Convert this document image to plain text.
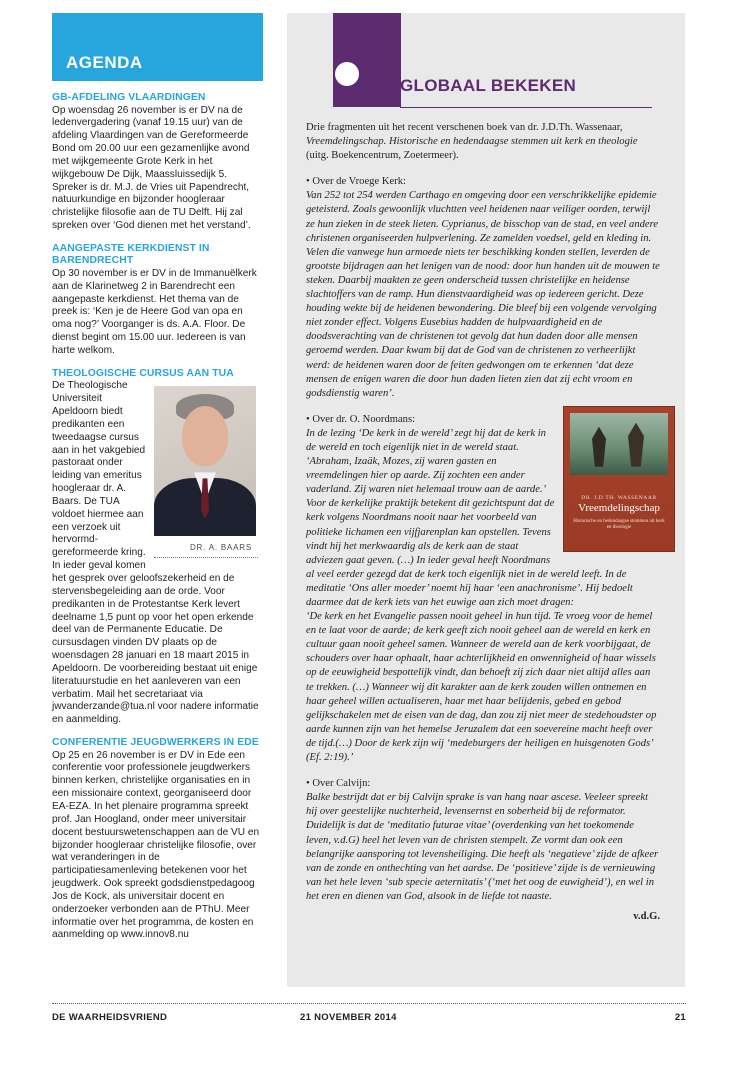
AGENDA

GB-AFDELING VLAARDINGEN

Op woensdag 26 november is er DV na de ledenvergadering (vanaf 19.15 uur) van de afdeling Vlaardingen van de Gereformeerde Bond om 20.00 uur een gezamenlijke avond met wijkgemeente Grote Kerk in het wijkgebouw De Dijk, Maassluissedijk 5. Spreker is dr. M.J. de Vries uit Papendrecht, natuurkundige en bijzonder hoogleraar christelijke filosofie aan de TU Delft. Hij zal spreken over ‘God dienen met het verstand’.

AANGEPASTE KERKDIENST IN BARENDRECHT

Op 30 november is er DV in de Immanuëlkerk aan de Klarinetweg 2 in Barendrecht een aangepaste kerkdienst. Het thema van de preek is: ‘Ken je de Heere God van opa en oma nog?’ Voorganger is ds. A.A. Floor. De dienst begint om 15.00 uur. Iedereen is van harte welkom.

THEOLOGISCHE CURSUS AAN TUA

DR. A. BAARS

De Theologische Universiteit Apeldoorn biedt predikanten een tweedaagse cursus aan in het vakgebied pastoraat onder leiding van emeritus hoogleraar dr. A. Baars. De TUA voldoet hiermee aan een verzoek uit hervormd-gereformeerde kring. In ieder geval komen het gesprek over geloofszekerheid en de stervensbegeleiding aan de orde. Voor predikanten in de Protestantse Kerk levert deelname 1,5 punt op voor het open erkende deel van de Permanente Educatie. De cursusdagen vinden DV plaats op de woensdagen 28 januari en 18 maart 2015 in Apeldoorn. De voorbereiding bestaat uit enige literatuurstudie en het aanleveren van een verbatim. Mail het secretariaat via jwvanderzande@tua.nl voor nadere informatie en aanmelding.

CONFERENTIE JEUGDWERKERS IN EDE

Op 25 en 26 november is er DV in Ede een conferentie voor professionele jeugdwerkers binnen kerken, christelijke organisaties en in een missionaire context, georganiseerd door EA-EZA. In het plenaire programma spreekt prof. Jan Hoogland, onder meer universitair docent bestuurswetenschappen aan de VU en bijzonder hoogleraar christelijke filosofie, over wat veranderingen in de participatiesamenleving betekenen voor het jeugdwerk. Ook spreekt godsdienstpedagoog Jos de Kock, als universitair docent en onderzoeker verbonden aan de PThU. Meer informatie over het programma, de kosten en aanmelding op www.innov8.nu

GLOBAAL BEKEKEN

Drie fragmenten uit het recent verschenen boek van dr. J.D.Th. Wassenaar, Vreemdelingschap. Historische en hedendaagse stemmen uit kerk en theologie (uitg. Boekencentrum, Zoetermeer).

• Over de Vroege Kerk:

Van 252 tot 254 werden Carthago en omgeving door een verschrikkelijke epidemie geteisterd. Zoals gewoonlijk vluchtten veel heidenen naar veiliger oorden, terwijl ze hun zieken in de steek lieten. Cyprianus, de bisschop van de stad, en veel andere christenen organiseerden hulpverlening. Ze zamelden voedsel, geld en kleding in. Velen die vanwege hun armoede niets ter beschikking konden stellen, leverden de grootste bijdragen aan het lenigen van de nood: door hun handen uit de mouwen te steken. Daarbij maakten ze geen onderscheid tussen christelijke en heidense slachtoffers van de ramp. Hun dienstvaardigheid was op iedereen gericht. Deze houding wekte bij de heidenen bewondering. Die bleef bij een volgende vervolging niet zonder effect. Volgens Eusebius hadden de hulpvaardigheid en de doodsverachting van de christenen tot gevolg dat hun daden door alle mensen geroemd werden. Daar kwam bij dat de God van de christenen zo verheerlijkt werd: de heidenen waren door de feiten gedwongen om te erkennen ‘dat deze mensen de enigen waren die door hun daden lieten zien dat zij echt vroom en godsdienstig waren’.

DR. J.D.TH. WASSENAAR
Vreemdelingschap
Historische en hedendaagse stemmen uit kerk en theologie

• Over dr. O. Noordmans:

In de lezing ‘De kerk in de wereld’ zegt hij dat de kerk in de wereld en toch eigenlijk niet in de wereld staat. ‘Abraham, Izaäk, Mozes, zij waren gasten en vreemdelingen hier op aarde. Zij zochten een ander vaderland. Zij waren niet helemaal trouw aan de aarde.’ Voor de kerkelijke praktijk betekent dit gezichtspunt dat de kerk volgens Noordmans nooit naar het voorbeeld van politieke lichamen een vijfjarenplan kan opstellen. Tevens vindt hij het merkwaardig als de kerk aan de staat adviezen gaat geven. (…) In ieder geval heeft Noordmans al veel eerder gezegd dat de kerk toch eigenlijk niet in de wereld leeft. In de meditatie ‘Ons aller moeder’ noemt hij haar ‘een anachronisme’. Hij bedoelt daarmee dat de kerk iets van het euwige aan zich moet dragen:

‘De kerk en het Evangelie passen nooit geheel in hun tijd. Te vroeg voor de hemel en te laat voor de aarde; de kerk geeft zich nooit geheel aan de wereld en kerk en cultuur gaan nooit geheel samen. Wanneer de wereld aan de kerk voorbijgaat, de schouders over haar ophaalt, haar achterlijkheid en onwennigheid of haar wissels op de eeuwigheid bespottelijk vindt, dan behoeft zij zich daar niet altijd alles aan te trekken. (…) Wanneer wij dit karakter aan de kerk zouden willen ontnemen en haar geheel willen actualiseren, haar met haar belijdenis, gebed en gebod gelijkschakelen met de eisen van de dag, dan zou zij niet meer de stedehoudster op aarde kunnen zijn van het hemelse Jeruzalem dat een soevereine macht heeft over de tijd.(…) Door de kerk zijn wij ‘medeburgers der heiligen en huisgenoten Gods’ (Ef. 2:19).’

• Over Calvijn:

Balke bestrijdt dat er bij Calvijn sprake is van hang naar ascese. Veeleer spreekt hij over geestelijke nuchterheid, levensernst en soberheid bij de reformator. Duidelijk is dat de ‘meditatio futurae vitae’ (overdenking van het toekomende leven, v.d.G) heel het leven van de christen stempelt. Ze vormt dan ook een belangrijke aansporing tot levensheiliging. Die heeft als ‘negatieve’ zijde de afkeer van de zonde en onthechting van het aardse. De ‘positieve’ zijde is de vernieuwing van het hele leven ‘sub specie aeternitatis’ (‘met het oog de euwigheid’), en wel in het eren en dienen van God, alsook in de liefde tot naaste.

v.d.G.

DE WAARHEIDSVRIEND	21 NOVEMBER 2014	21
